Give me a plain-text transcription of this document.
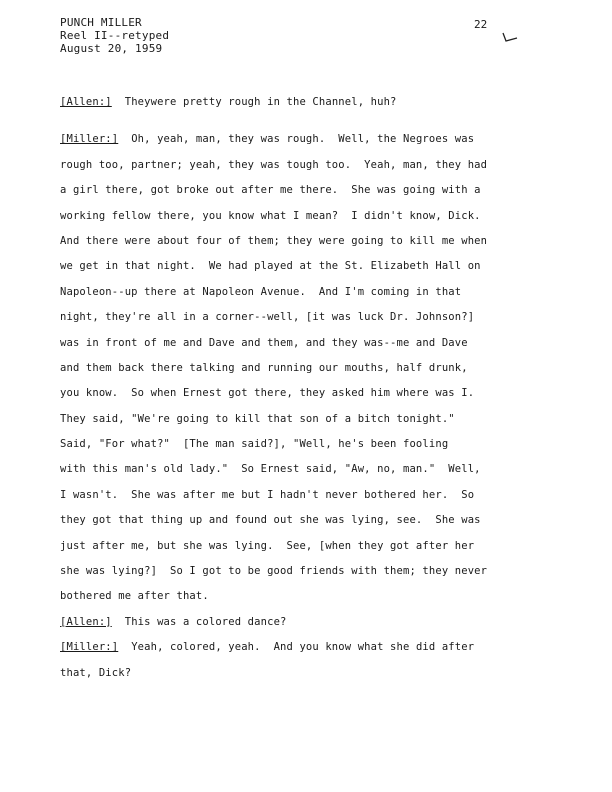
PUNCH MILLER
Reel II--retyped
August 20, 1959
22
[Allen:]  Theywere pretty rough in the Channel, huh?
[Miller:]  Oh, yeah, man, they was rough.  Well, the Negroes was
rough too, partner; yeah, they was tough too.  Yeah, man, they had
a girl there, got broke out after me there.  She was going with a
working fellow there, you know what I mean?  I didn't know, Dick.
And there were about four of them; they were going to kill me when
we get in that night.  We had played at the St. Elizabeth Hall on
Napoleon--up there at Napoleon Avenue.  And I'm coming in that
night, they're all in a corner--well, [it was luck Dr. Johnson?]
was in front of me and Dave and them, and they was--me and Dave
and them back there talking and running our mouths, half drunk,
you know.  So when Ernest got there, they asked him where was I.
They said, "We're going to kill that son of a bitch tonight."
Said, "For what?"  [The man said?], "Well, he's been fooling
with this man's old lady."  So Ernest said, "Aw, no, man."  Well,
I wasn't.  She was after me but I hadn't never bothered her.  So
they got that thing up and found out she was lying, see.  She was
just after me, but she was lying.  See, [when they got after her
she was lying?]  So I got to be good friends with them; they never
bothered me after that.
[Allen:]  This was a colored dance?
[Miller:]  Yeah, colored, yeah.  And you know what she did after
that, Dick?
